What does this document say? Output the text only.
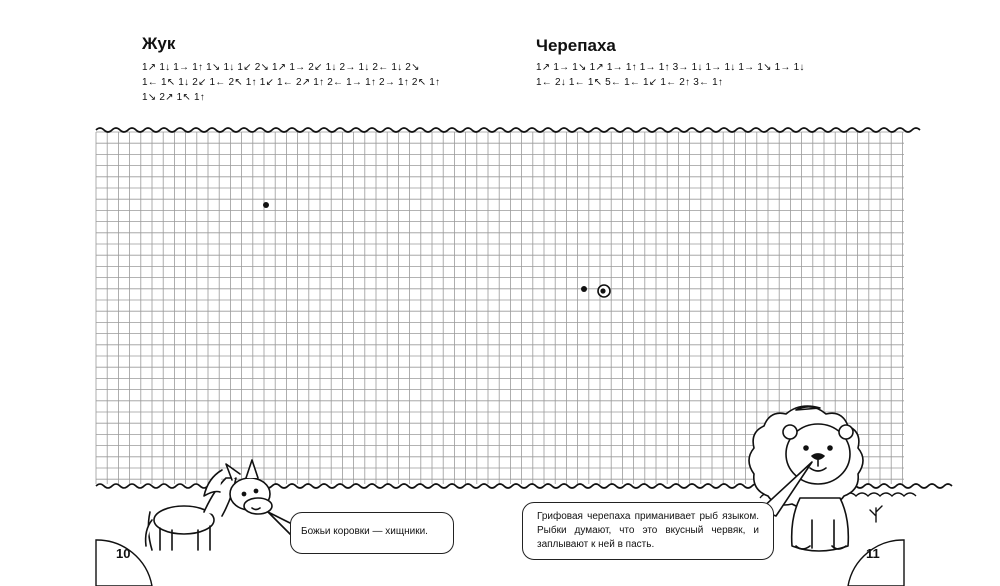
Жук
1↗ 1↓ 1→ 1↑ 1↘ 1↓ 1↙ 2↘ 1↗ 1→ 2↙ 1↓ 2→ 1↓ 2← 1↓ 2↘
1← 1↖ 1↓ 2↙ 1← 2↖ 1↑ 1↙ 1← 2↗ 1↑ 2← 1→ 1↑ 2→ 1↑ 2↖ 1↑
1↘ 2↗ 1↖ 1↑
Черепаха
1↗ 1→ 1↘ 1↗ 1→ 1↑ 1→ 1↑ 3→ 1↓ 1→ 1↓ 1→ 1↘ 1→ 1↓
1← 2↓ 1← 1↖ 5← 1← 1↙ 1← 2↑ 3← 1↑
Божьи коровки — хищники.
Грифовая черепаха приманивает рыб языком. Рыбки думают, что это вкусный червяк, и заплывают к ней в пасть.
10	11
